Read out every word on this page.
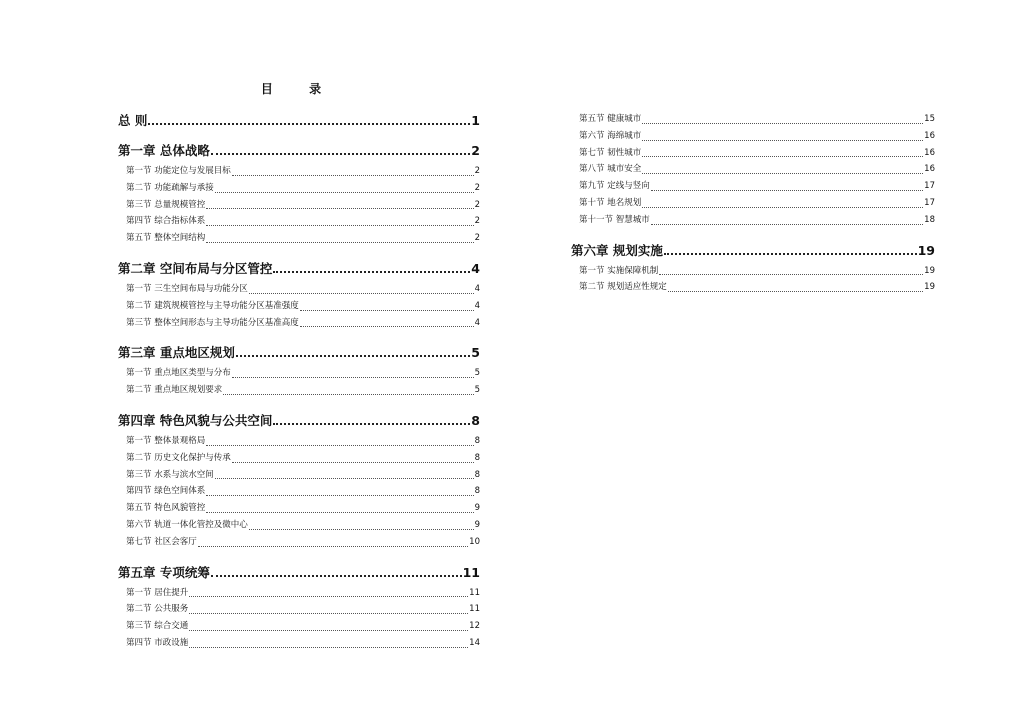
目 录
总 则	1
第一章 总体战略	2
第一节 功能定位与发展目标	2
第二节 功能疏解与承接	2
第三节 总量规模管控	2
第四节 综合指标体系	2
第五节 整体空间结构	2
第二章 空间布局与分区管控	4
第一节 三生空间布局与功能分区	4
第二节 建筑规模管控与主导功能分区基准强度	4
第三节 整体空间形态与主导功能分区基准高度	4
第三章 重点地区规划	5
第一节 重点地区类型与分布	5
第二节 重点地区规划要求	5
第四章 特色风貌与公共空间	8
第一节 整体景观格局	8
第二节 历史文化保护与传承	8
第三节 水系与滨水空间	8
第四节 绿色空间体系	8
第五节 特色风貌管控	9
第六节 轨道一体化管控及微中心	9
第七节 社区会客厅	10
第五章 专项统筹	11
第一节 居住提升	11
第二节 公共服务	11
第三节 综合交通	12
第四节 市政设施	14
第五节 健康城市	15
第六节 海绵城市	16
第七节 韧性城市	16
第八节 城市安全	16
第九节 定线与竖向	17
第十节 地名规划	17
第十一节 智慧城市	18
第六章 规划实施	19
第一节 实施保障机制	19
第二节 规划适应性规定	19
